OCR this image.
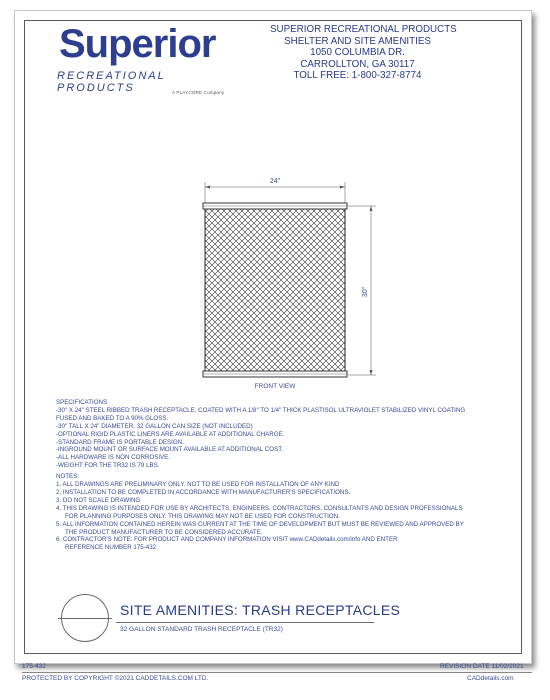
Superior
RECREATIONAL PRODUCTS	A PLAYCORE Company
SUPERIOR RECREATIONAL PRODUCTS
SHELTER AND SITE AMENITIES
1050 COLUMBIA DR.
CARROLLTON, GA 30117
TOLL FREE: 1-800-327-8774
24"
30"
FRONT VIEW
SPECIFICATIONS
-30" X 24" STEEL RIBBED TRASH RECEPTACLE. COATED WITH A 1/8" TO 1/4" THICK PLASTISOL ULTRAVIOLET STABILIZED VINYL COATING
FUSED AND BAKED TO A 90% GLOSS.
-30" TALL X 24" DIAMETER. 32 GALLON CAN SIZE (NOT INCLUDED)
-OPTIONAL RIGID PLASTIC LINERS ARE AVAILABLE AT ADDITIONAL CHARGE.
-STANDARD FRAME IS PORTABLE DESIGN.
-INGROUND MOUNT OR SURFACE MOUNT AVAILABLE AT ADDITIONAL COST.
-ALL HARDWARE IS NON CORROSIVE.
-WEIGHT FOR THE TR32 IS 79 LBS.
NOTES:
1. ALL DRAWINGS ARE PRELIMINARY ONLY. NOT TO BE USED FOR INSTALLATION OF ANY KIND
2. INSTALLATION TO BE COMPLETED IN ACCORDANCE WITH MANUFACTURER'S SPECIFICATIONS.
3. DO NOT SCALE DRAWING
4. THIS DRAWING IS INTENDED FOR USE BY ARCHITECTS, ENGINEERS, CONTRACTORS, CONSULTANTS AND DESIGN PROFESSIONALS
FOR PLANNING PURPOSES ONLY. THIS DRAWING MAY NOT BE USED FOR CONSTRUCTION.
5. ALL INFORMATION CONTAINED HEREIN WAS CURRENT AT THE TIME OF DEVELOPMENT BUT MUST BE REVIEWED AND APPROVED BY
THE PRODUCT MANUFACTURER TO BE CONSIDERED ACCURATE.
6. CONTRACTOR'S NOTE: FOR PRODUCT AND COMPANY INFORMATION VISIT www.CADdetails.com/info AND ENTER
REFERENCE NUMBER 175-432
SITE AMENITIES: TRASH RECEPTACLES
32 GALLON STANDARD TRASH RECEPTACLE (TR32)
175-432	REVISION DATE 11/02/2021
PROTECTED BY COPYRIGHT ©2021 CADDETAILS.COM LTD.	CADdetails.com
